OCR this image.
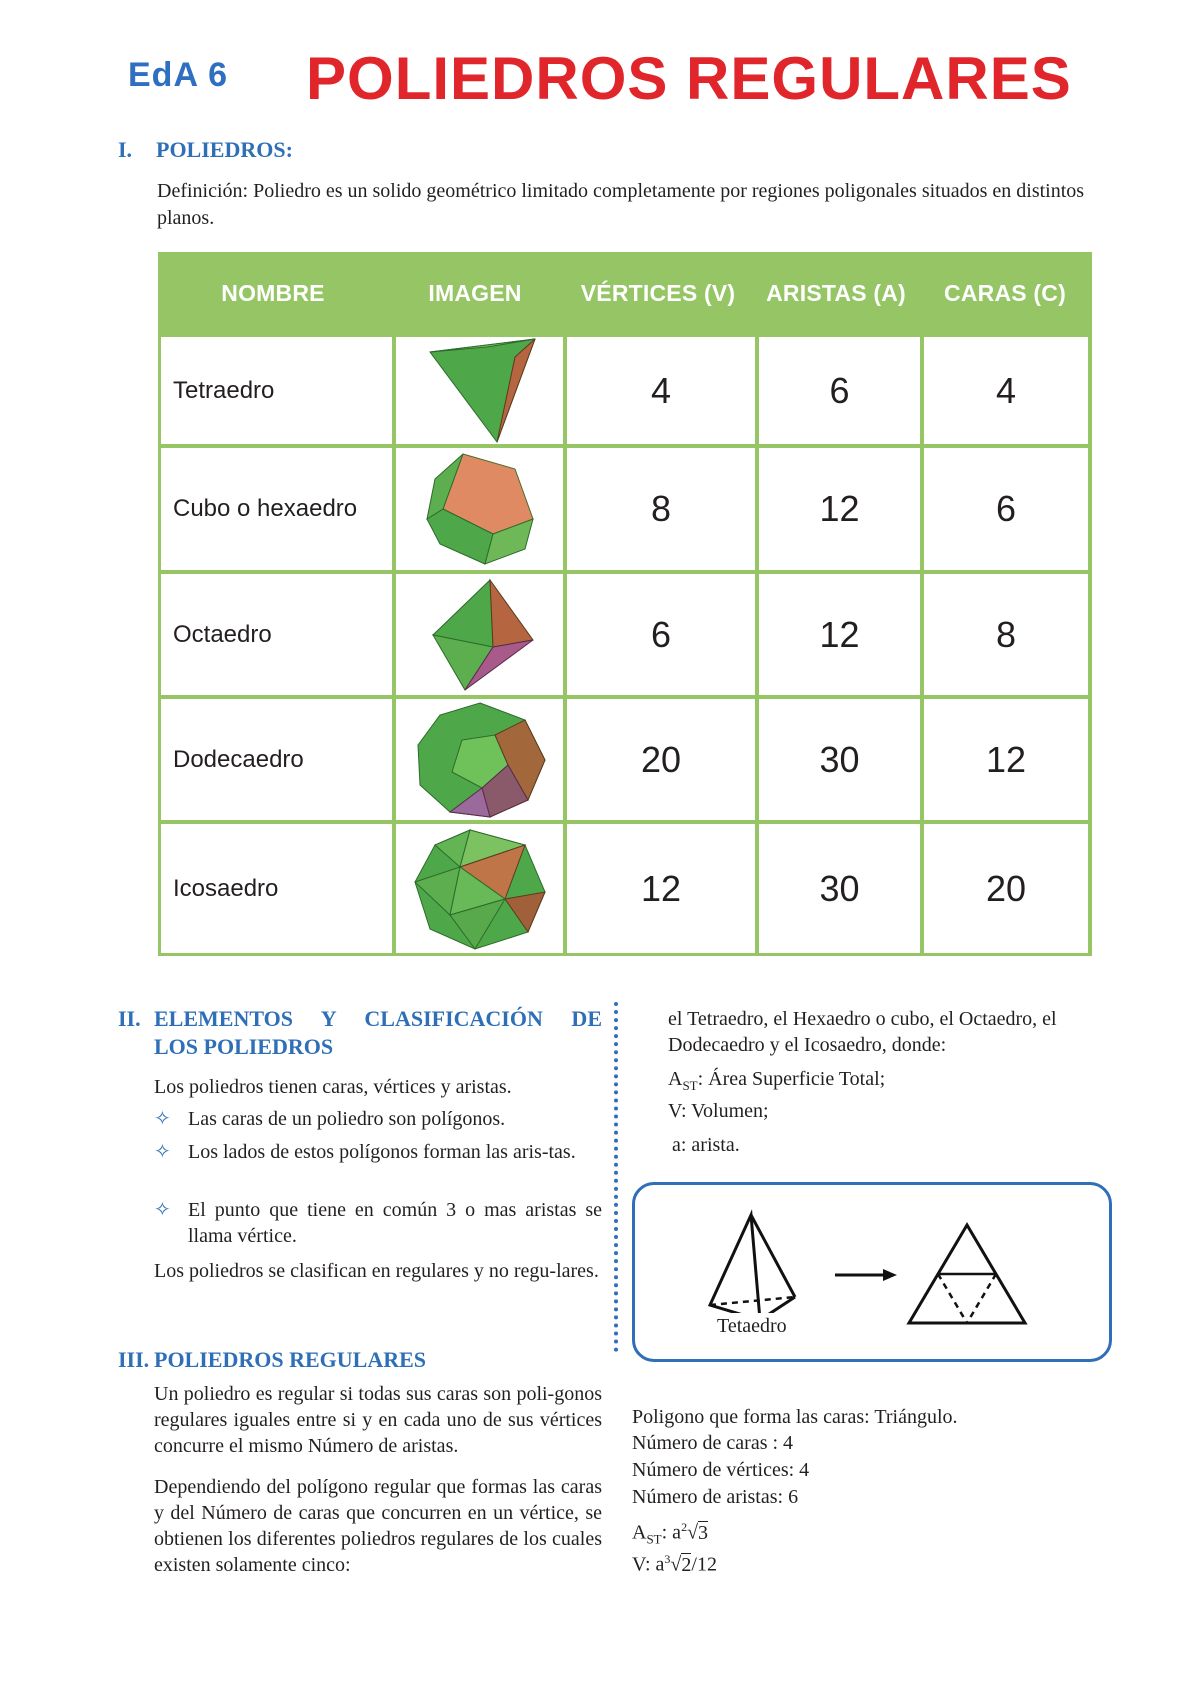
EdA 6 POLIEDROS REGULARES
I. POLIEDROS:
Definición: Poliedro es un solido geométrico limitado completamente por regiones poligonales situados en distintos planos.
NOMBRE	IMAGEN	VÉRTICES (V)	ARISTAS (A)	CARAS (C)
Tetraedro	4	6	4
Cubo o hexaedro	8	12	6
Octaedro	6	12	8
Dodecaedro	20	30	12
Icosaedro	12	30	20
II. ELEMENTOS Y CLASIFICACIÓN DE
LOS POLIEDROS
Los poliedros tienen caras, vértices y aristas.
✧ Las caras de un poliedro son polígonos.
✧ Los lados de estos polígonos forman las aris-tas.
✧ El punto que tiene en común 3 o mas aristas se llama vértice.
Los poliedros se clasifican en regulares y no regu-lares.
III. POLIEDROS REGULARES
Un poliedro es regular si todas sus caras son poli-gonos regulares iguales entre si y en cada uno de sus vértices concurre el mismo Número de aristas.
Dependiendo del polígono regular que formas las caras y del Número de caras que concurren en un vértice, se obtienen los diferentes poliedros regulares de los cuales existen solamente cinco:
el Tetraedro, el Hexaedro o cubo, el Octaedro, el Dodecaedro y el Icosaedro, donde:
$A_{ST}$: Área Superficie Total;
V: Volumen;
a: arista.
Tetaedro
Poligono que forma las caras: Triángulo.
Número de caras : 4
Número de vértices: 4
Número de aristas: 6
$A_{ST}$: $a^2√3$
V: $a^3√2/12$
